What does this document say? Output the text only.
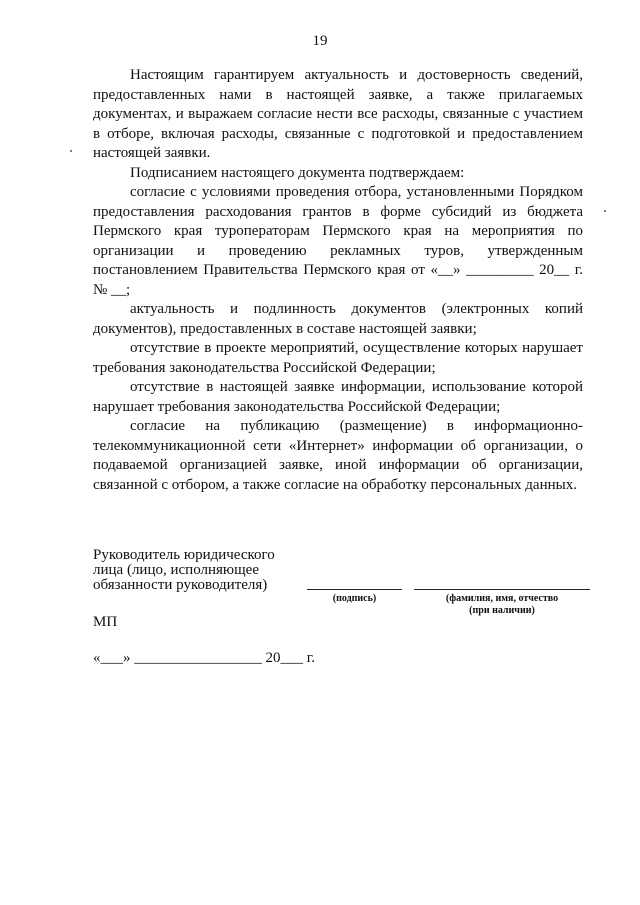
19

Настоящим гарантируем актуальность и достоверность сведений, предоставленных нами в настоящей заявке, а также прилагаемых документах, и выражаем согласие нести все расходы, связанные с участием в отборе, включая расходы, связанные с подготовкой и предоставлением настоящей заявки.

Подписанием настоящего документа подтверждаем:

согласие с условиями проведения отбора, установленными Порядком предоставления расходования грантов в форме субсидий из бюджета Пермского края туроператорам Пермского края на мероприятия по организации и проведению рекламных туров, утвержденным постановлением Правительства Пермского края от «__» _________ 20__ г. № __;

актуальность и подлинность документов (электронных копий документов), предоставленных в составе настоящей заявки;

отсутствие в проекте мероприятий, осуществление которых нарушает требования законодательства Российской Федерации;

отсутствие в настоящей заявке информации, использование которой нарушает требования законодательства Российской Федерации;

согласие на публикацию (размещение) в информационно-телекоммуникационной сети «Интернет» информации об организации, о подаваемой организацией заявке, иной информации об организации, связанной с отбором, а также согласие на обработку персональных данных.

Руководитель юридического лица (лицо, исполняющее обязанности руководителя)
(подпись)	(фамилия, имя, отчество
(при наличии)
МП
«___» _________________ 20___ г.
